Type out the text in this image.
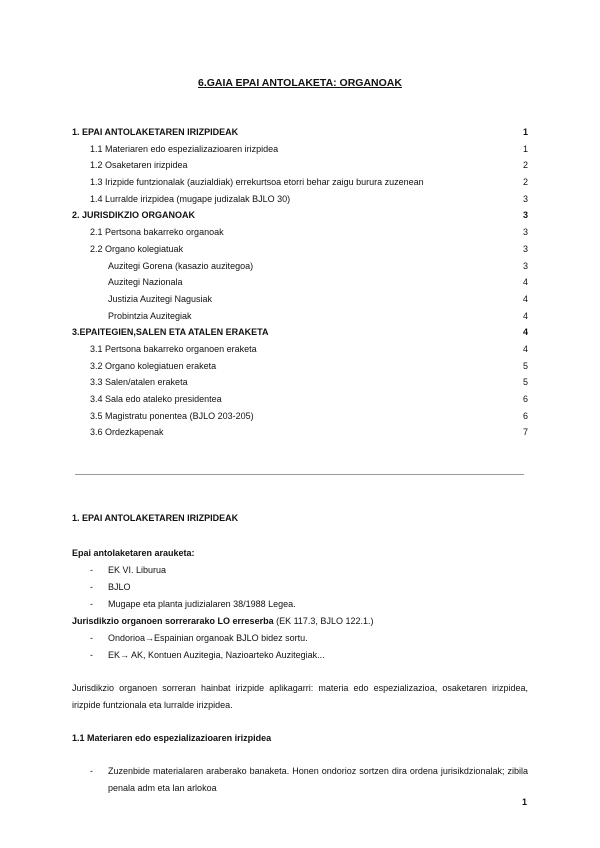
6.GAIA EPAI ANTOLAKETA: ORGANOAK
1. EPAI ANTOLAKETAREN IRIZPIDEAK	1
1.1 Materiaren edo espezializazioaren irizpidea	1
1.2 Osaketaren irizpidea	2
1.3 Irizpide funtzionalak (auzialdiak) errekurtsoa etorri behar zaigu burura zuzenean	2
1.4 Lurralde irizpidea (mugape judizalak BJLO 30)	3
2. JURISDIKZIO ORGANOAK	3
2.1 Pertsona bakarreko organoak	3
2.2 Organo kolegiatuak	3
Auzitegi Gorena (kasazio auzitegoa)	3
Auzitegi Nazionala	4
Justizia Auzitegi Nagusiak	4
Probintzia Auzitegiak	4
3.EPAITEGIEN,SALEN ETA ATALEN ERAKETA	4
3.1 Pertsona bakarreko organoen eraketa	4
3.2 Organo kolegiatuen eraketa	5
3.3 Salen/atalen eraketa	5
3.4 Sala edo ataleko presidentea	6
3.5 Magistratu ponentea (BJLO 203-205)	6
3.6 Ordezkapenak	7
1. EPAI ANTOLAKETAREN IRIZPIDEAK
Epai antolaketaren arauketa:
- EK VI. Liburua
- BJLO
- Mugape eta planta judizialaren 38/1988 Legea.
Jurisdikzio organoen sorrerarako LO erreserba (EK 117.3, BJLO 122.1.)
- Ondorioa→Espainian organoak BJLO bidez sortu.
- EK→ AK, Kontuen Auzitegia, Nazioarteko Auzitegiak...
Jurisdikzio organoen sorreran hainbat irizpide aplikagarri: materia edo espezializazioa, osaketaren irizpidea, irizpide funtzionala eta lurralde irizpidea.
1.1 Materiaren edo espezializazioaren irizpidea
- Zuzenbide materialaren araberako banaketa. Honen ondorioz sortzen dira ordena jurisikdzionalak; zibila penala adm eta lan arlokoa
1
